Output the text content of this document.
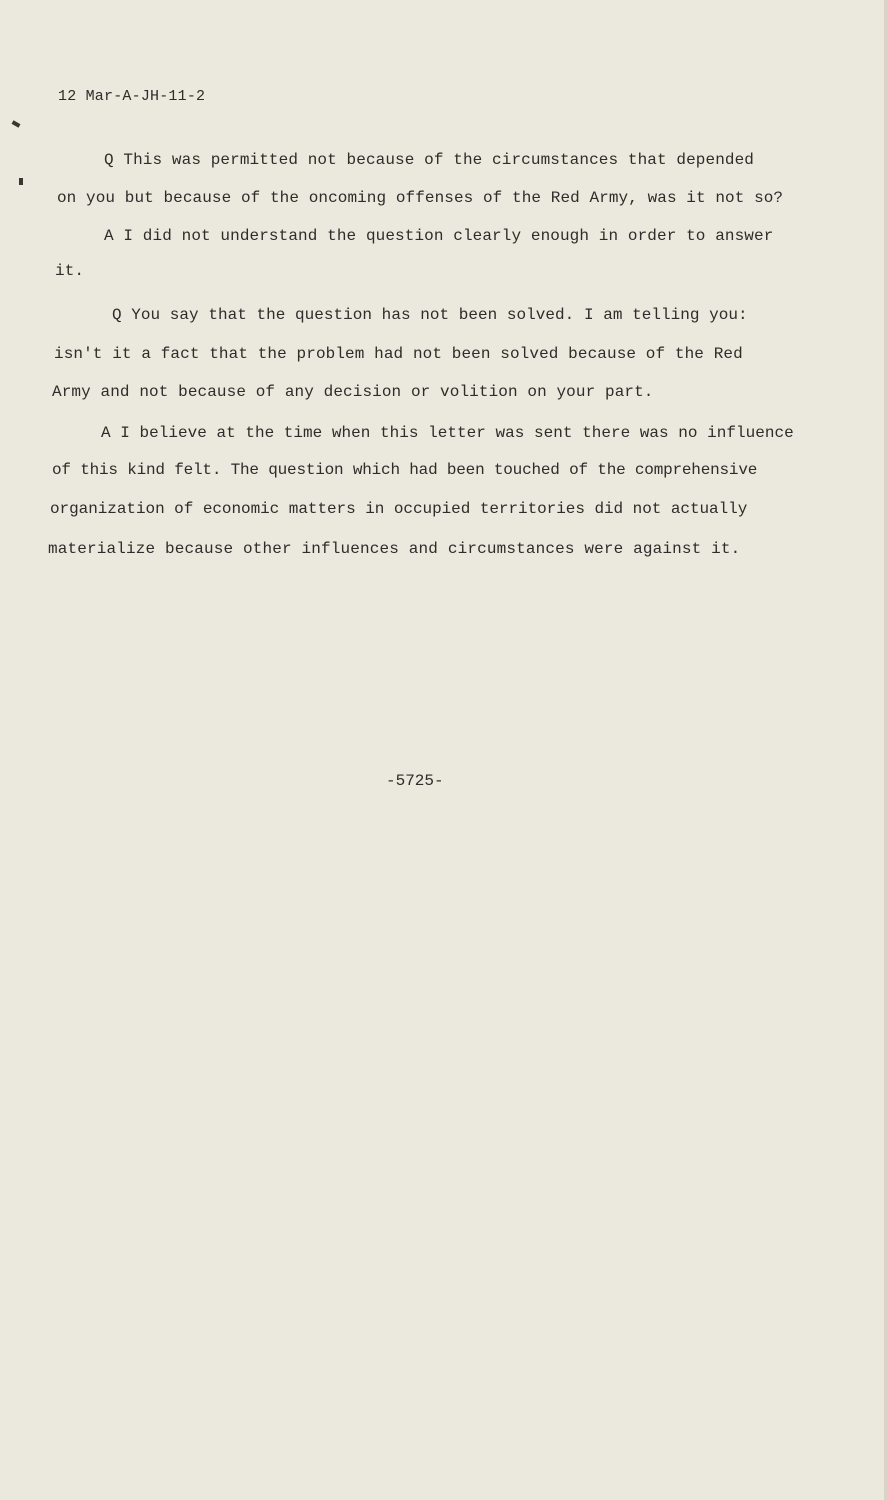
12 Mar-A-JH-11-2
Q This was permitted not because of the circumstances that depended
on you but because of the oncoming offenses of the Red Army, was it not so?
A I did not understand the question clearly enough in order to answer
it.
Q You say that the question has not been solved. I am telling you:
isn't it a fact that the problem had not been solved because of the Red
Army and not because of any decision or volition on your part.
A I believe at the time when this letter was sent there was no influence
of this kind felt. The question which had been touched of the comprehensive
organization of economic matters in occupied territories did not actually
materialize because other influences and circumstances were against it.
-5725-
